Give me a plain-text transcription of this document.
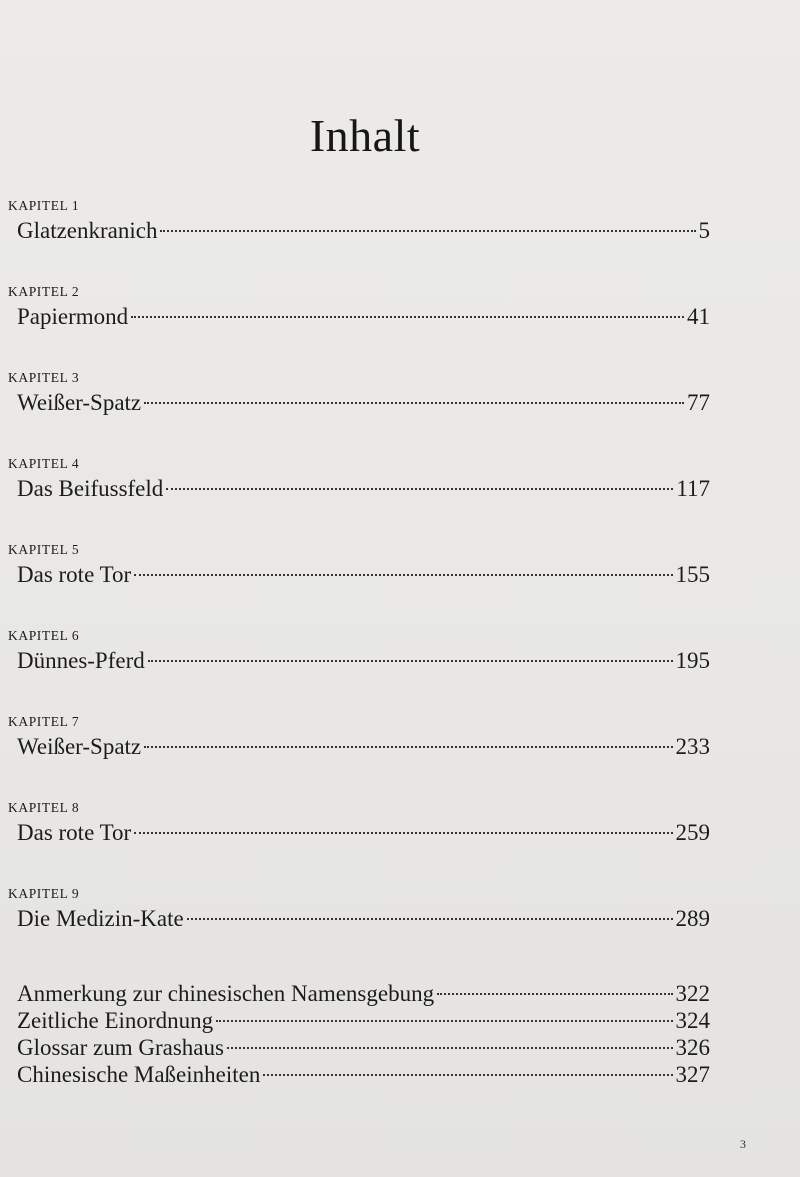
Inhalt
KAPITEL 1
Glatzenkranich	5
KAPITEL 2
Papiermond	41
KAPITEL 3
Weißer-Spatz	77
KAPITEL 4
Das Beifussfeld	117
KAPITEL 5
Das rote Tor	155
KAPITEL 6
Dünnes-Pferd	195
KAPITEL 7
Weißer-Spatz	233
KAPITEL 8
Das rote Tor	259
KAPITEL 9
Die Medizin-Kate	289
Anmerkung zur chinesischen Namensgebung	322
Zeitliche Einordnung	324
Glossar zum Grashaus	326
Chinesische Maßeinheiten	327
3
